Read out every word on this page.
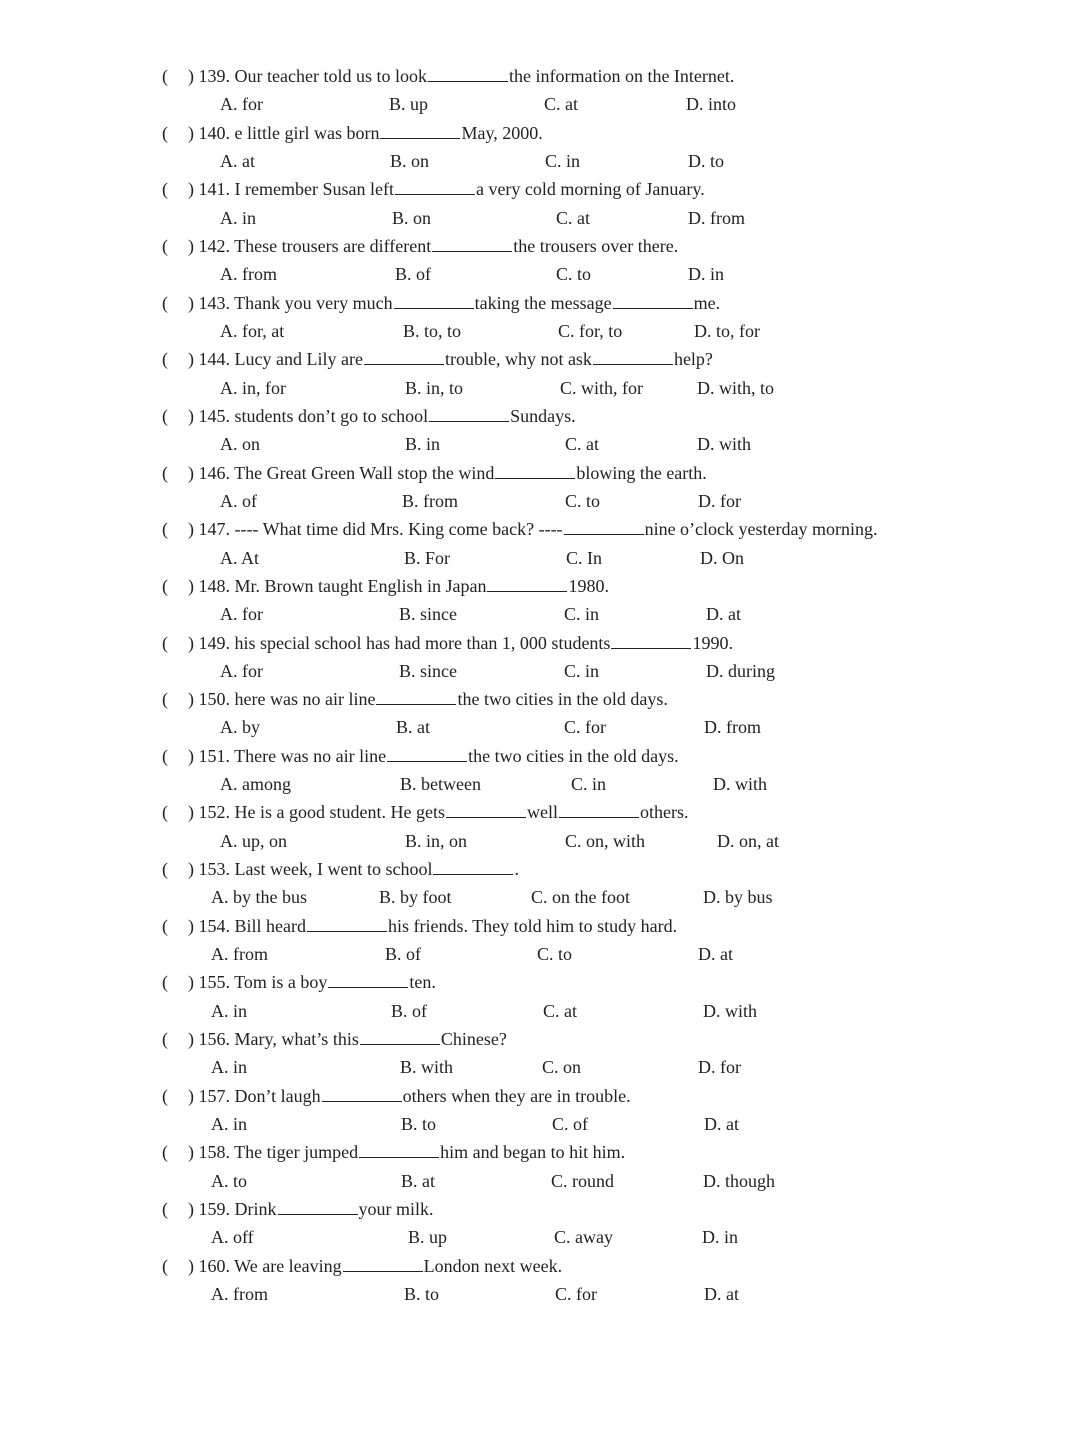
( ) 139. Our teacher told us to look	the information on the Internet.
A. for	B. up	C. at	D. into
( ) 140. e little girl was born	May, 2000.
A. at	B. on	C. in	D. to
( ) 141. I remember Susan left	a very cold morning of January.
A. in	B. on	C. at	D. from
( ) 142. These trousers are different	the trousers over there.
A. from	B. of	C. to	D. in
( ) 143. Thank you very much	taking the message	me.
A. for, at	B. to, to	C. for, to	D. to, for
( ) 144. Lucy and Lily are	trouble, why not ask	help?
A. in, for	B. in, to	C. with, for	D. with, to
( ) 145. students don’t go to school	Sundays.
A. on	B. in	C. at	D. with
( ) 146. The Great Green Wall stop the wind	blowing the earth.
A. of	B. from	C. to	D. for
( ) 147. ---- What time did Mrs. King come back? ----	nine o’clock yesterday morning.
A. At	B. For	C. In	D. On
( ) 148. Mr. Brown taught English in Japan	1980.
A. for	B. since	C. in	D. at
( ) 149. his special school has had more than 1, 000 students	1990.
A. for	B. since	C. in	D. during
( ) 150. here was no air line	the two cities in the old days.
A. by	B. at	C. for	D. from
( ) 151. There was no air line	the two cities in the old days.
A. among	B. between	C. in	D. with
( ) 152. He is a good student. He gets	well	others.
A. up, on	B. in, on	C. on, with	D. on, at
( ) 153. Last week, I went to school	.
A. by the bus	B. by foot	C. on the foot	D. by bus
( ) 154. Bill heard	his friends. They told him to study hard.
A. from	B. of	C. to	D. at
( ) 155. Tom is a boy	ten.
A. in	B. of	C. at	D. with
( ) 156. Mary, what’s this	Chinese?
A. in	B. with	C. on	D. for
( ) 157. Don’t laugh	others when they are in trouble.
A. in	B. to	C. of	D. at
( ) 158. The tiger jumped	him and began to hit him.
A. to	B. at	C. round	D. though
( ) 159. Drink	your milk.
A. off	B. up	C. away	D. in
( ) 160. We are leaving	London next week.
A. from	B. to	C. for	D. at
